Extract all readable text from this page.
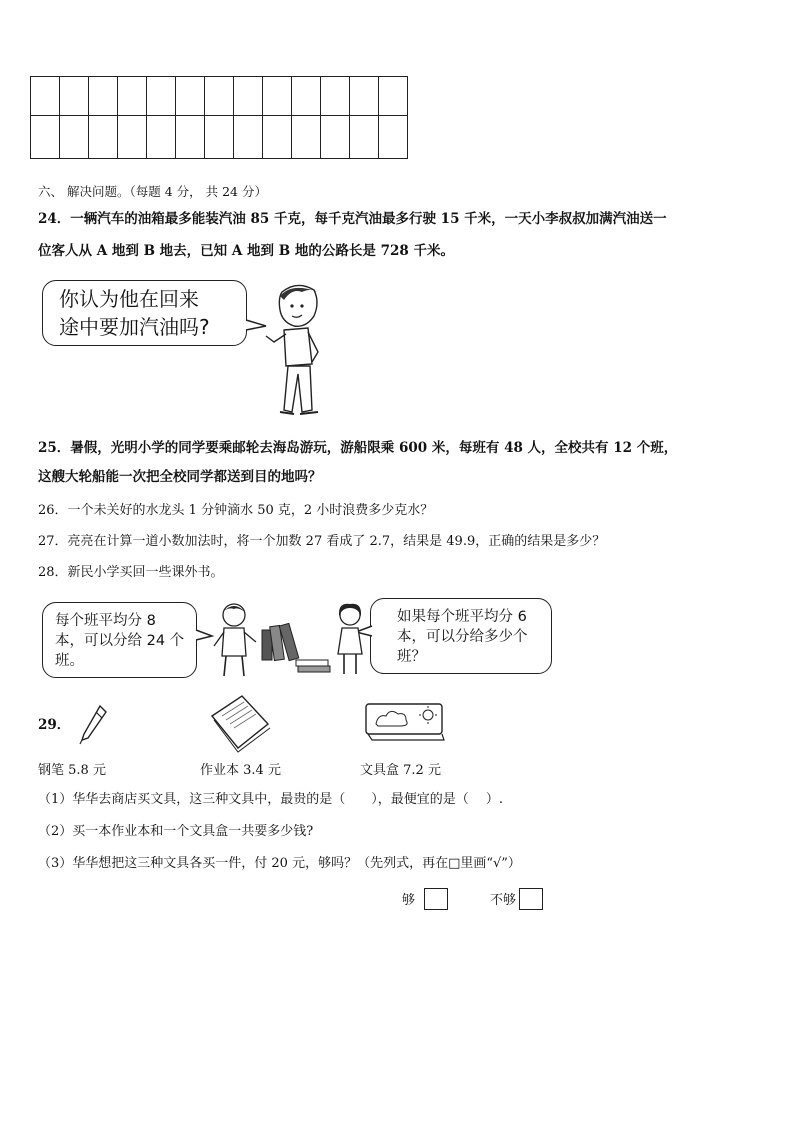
六、 解决问题。（每题 4 分， 共 24 分）
24．一辆汽车的油箱最多能装汽油 85 千克，每千克汽油最多行驶 15 千米，一天小李叔叔加满汽油送一
位客人从 A 地到 B 地去，已知 A 地到 B 地的公路长是 728 千米。
你认为他在回来
途中要加汽油吗?
25．暑假，光明小学的同学要乘邮轮去海岛游玩，游船限乘 600 米，每班有 48 人，全校共有 12 个班，
这艘大轮船能一次把全校同学都送到目的地吗？
26．一个未关好的水龙头 1 分钟滴水 50 克，2 小时浪费多少克水？
27．亮亮在计算一道小数加法时，将一个加数 27 看成了 2.7，结果是 49.9，正确的结果是多少？
28．新民小学买回一些课外书。
每个班平均分 8 本，可以分给 24 个班。
如果每个班平均分 6 本，可以分给多少个班？
29．
钢笔 5.8 元	作业本 3.4 元	文具盒 7.2 元
（1）华华去商店买文具，这三种文具中，最贵的是（　　），最便宜的是（　 ）.
（2）买一本作业本和一个文具盒一共要多少钱?
（3）华华想把这三种文具各买一件，付 20 元，够吗？（先列式，再在□里画“√”）
够	不够
